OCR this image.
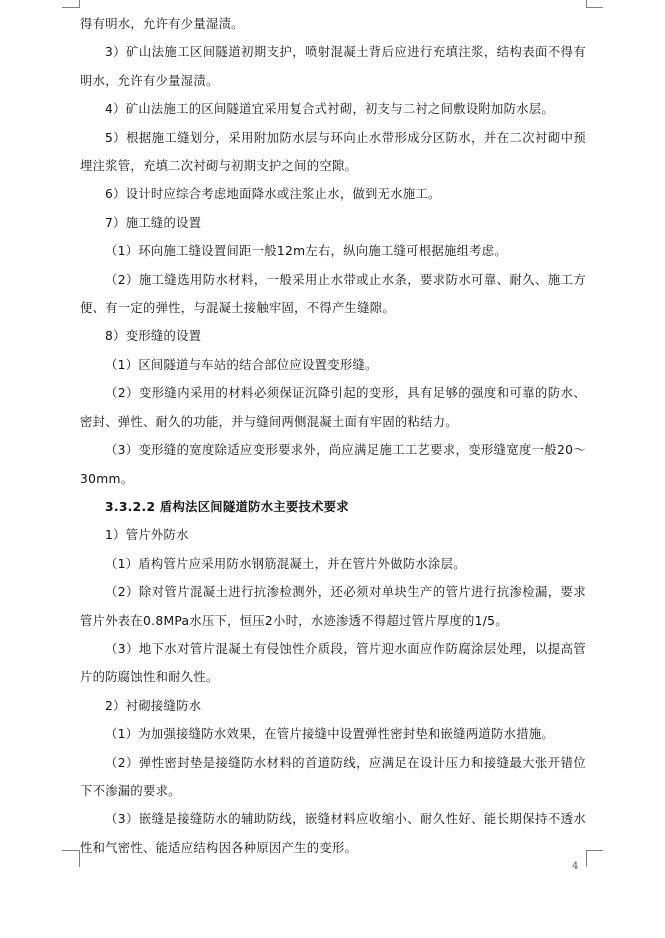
得有明水，允许有少量湿渍。

3）矿山法施工区间隧道初期支护，喷射混凝土背后应进行充填注浆，结构表面不得有明水，允许有少量湿渍。

4）矿山法施工的区间隧道宜采用复合式衬砌，初支与二衬之间敷设附加防水层。

5）根据施工缝划分，采用附加防水层与环向止水带形成分区防水，并在二次衬砌中预埋注浆管，充填二次衬砌与初期支护之间的空隙。

6）设计时应综合考虑地面降水或注浆止水，做到无水施工。

7）施工缝的设置

（1）环向施工缝设置间距一般12m左右，纵向施工缝可根据施组考虑。

（2）施工缝选用防水材料，一般采用止水带或止水条，要求防水可靠、耐久、施工方便、有一定的弹性，与混凝土接触牢固，不得产生缝隙。

8）变形缝的设置

（1）区间隧道与车站的结合部位应设置变形缝。

（2）变形缝内采用的材料必须保证沉降引起的变形，具有足够的强度和可靠的防水、密封、弹性、耐久的功能，并与缝间两侧混凝土面有牢固的粘结力。

（3）变形缝的宽度除适应变形要求外，尚应满足施工工艺要求，变形缝宽度一般20～30mm。

3.3.2.2 盾构法区间隧道防水主要技术要求

1）管片外防水

（1）盾构管片应采用防水钢筋混凝土，并在管片外做防水涂层。

（2）除对管片混凝土进行抗渗检测外，还必须对单块生产的管片进行抗渗检漏，要求管片外表在0.8MPa水压下，恒压2小时，水迹渗透不得超过管片厚度的1/5。

（3）地下水对管片混凝土有侵蚀性介质段，管片迎水面应作防腐涂层处理，以提高管片的防腐蚀性和耐久性。

2）衬砌接缝防水

（1）为加强接缝防水效果，在管片接缝中设置弹性密封垫和嵌缝两道防水措施。

（2）弹性密封垫是接缝防水材料的首道防线，应满足在设计压力和接缝最大张开错位下不渗漏的要求。

（3）嵌缝是接缝防水的辅助防线，嵌缝材料应收缩小、耐久性好、能长期保持不透水性和气密性、能适应结构因各种原因产生的变形。

4
